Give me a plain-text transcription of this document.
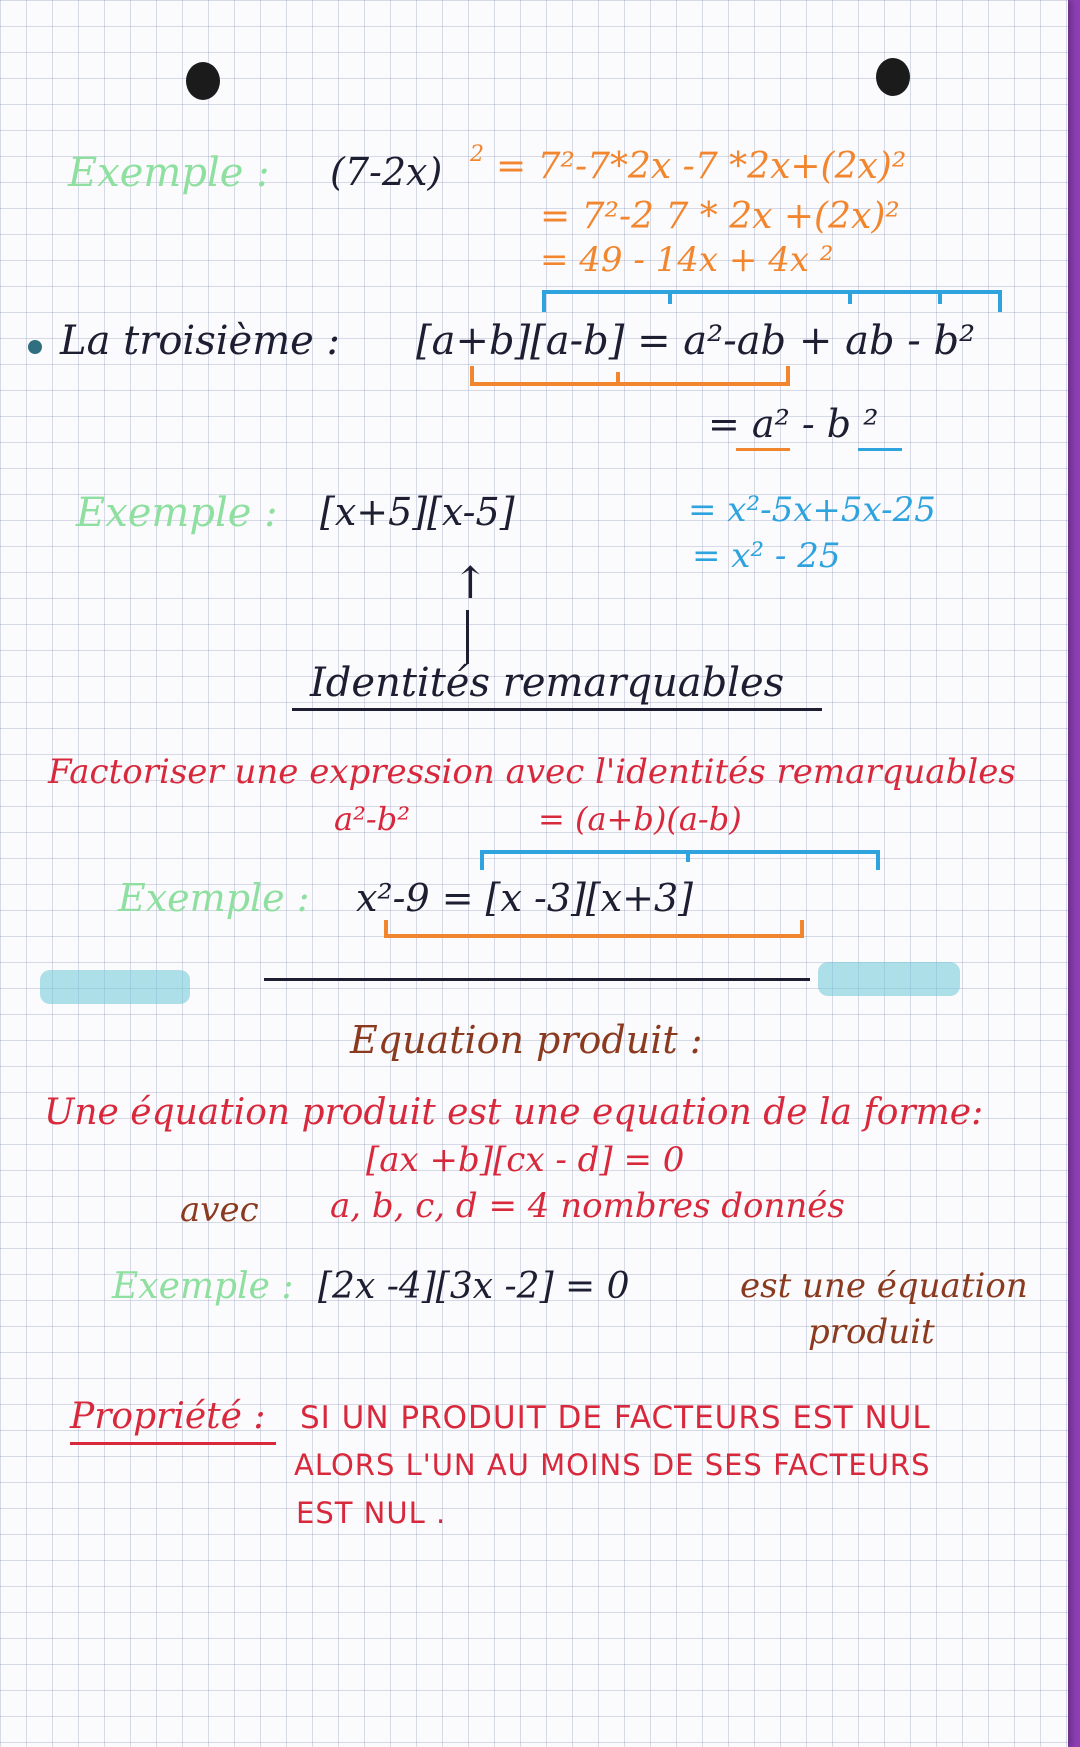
Exemple : (7-2x) 2 = 7²-7*2x -7 *2x+(2x)²
= 7²-2 7 * 2x +(2x)²
= 49 - 14x + 4x ²
La troisième : [a+b][a-b] = a²-ab + ab - b²
= a² - b ²
Exemple : [x+5][x-5]	= x²-5x+5x-25
= x² - 25
↑
Identités remarquables
Factoriser une expression avec l'identités remarquables
a²-b²	= (a+b)(a-b)
Exemple : x²-9 = [x -3][x+3]
Equation produit :
Une équation produit est une equation de la forme:
[ax +b][cx - d] = 0
avec a, b, c, d = 4 nombres donnés
Exemple : [2x -4][3x -2] = 0	est une équation
produit
Propriété : SI UN PRODUIT DE FACTEURS EST NUL
ALORS L'UN AU MOINS DE SES FACTEURS
EST NUL .
